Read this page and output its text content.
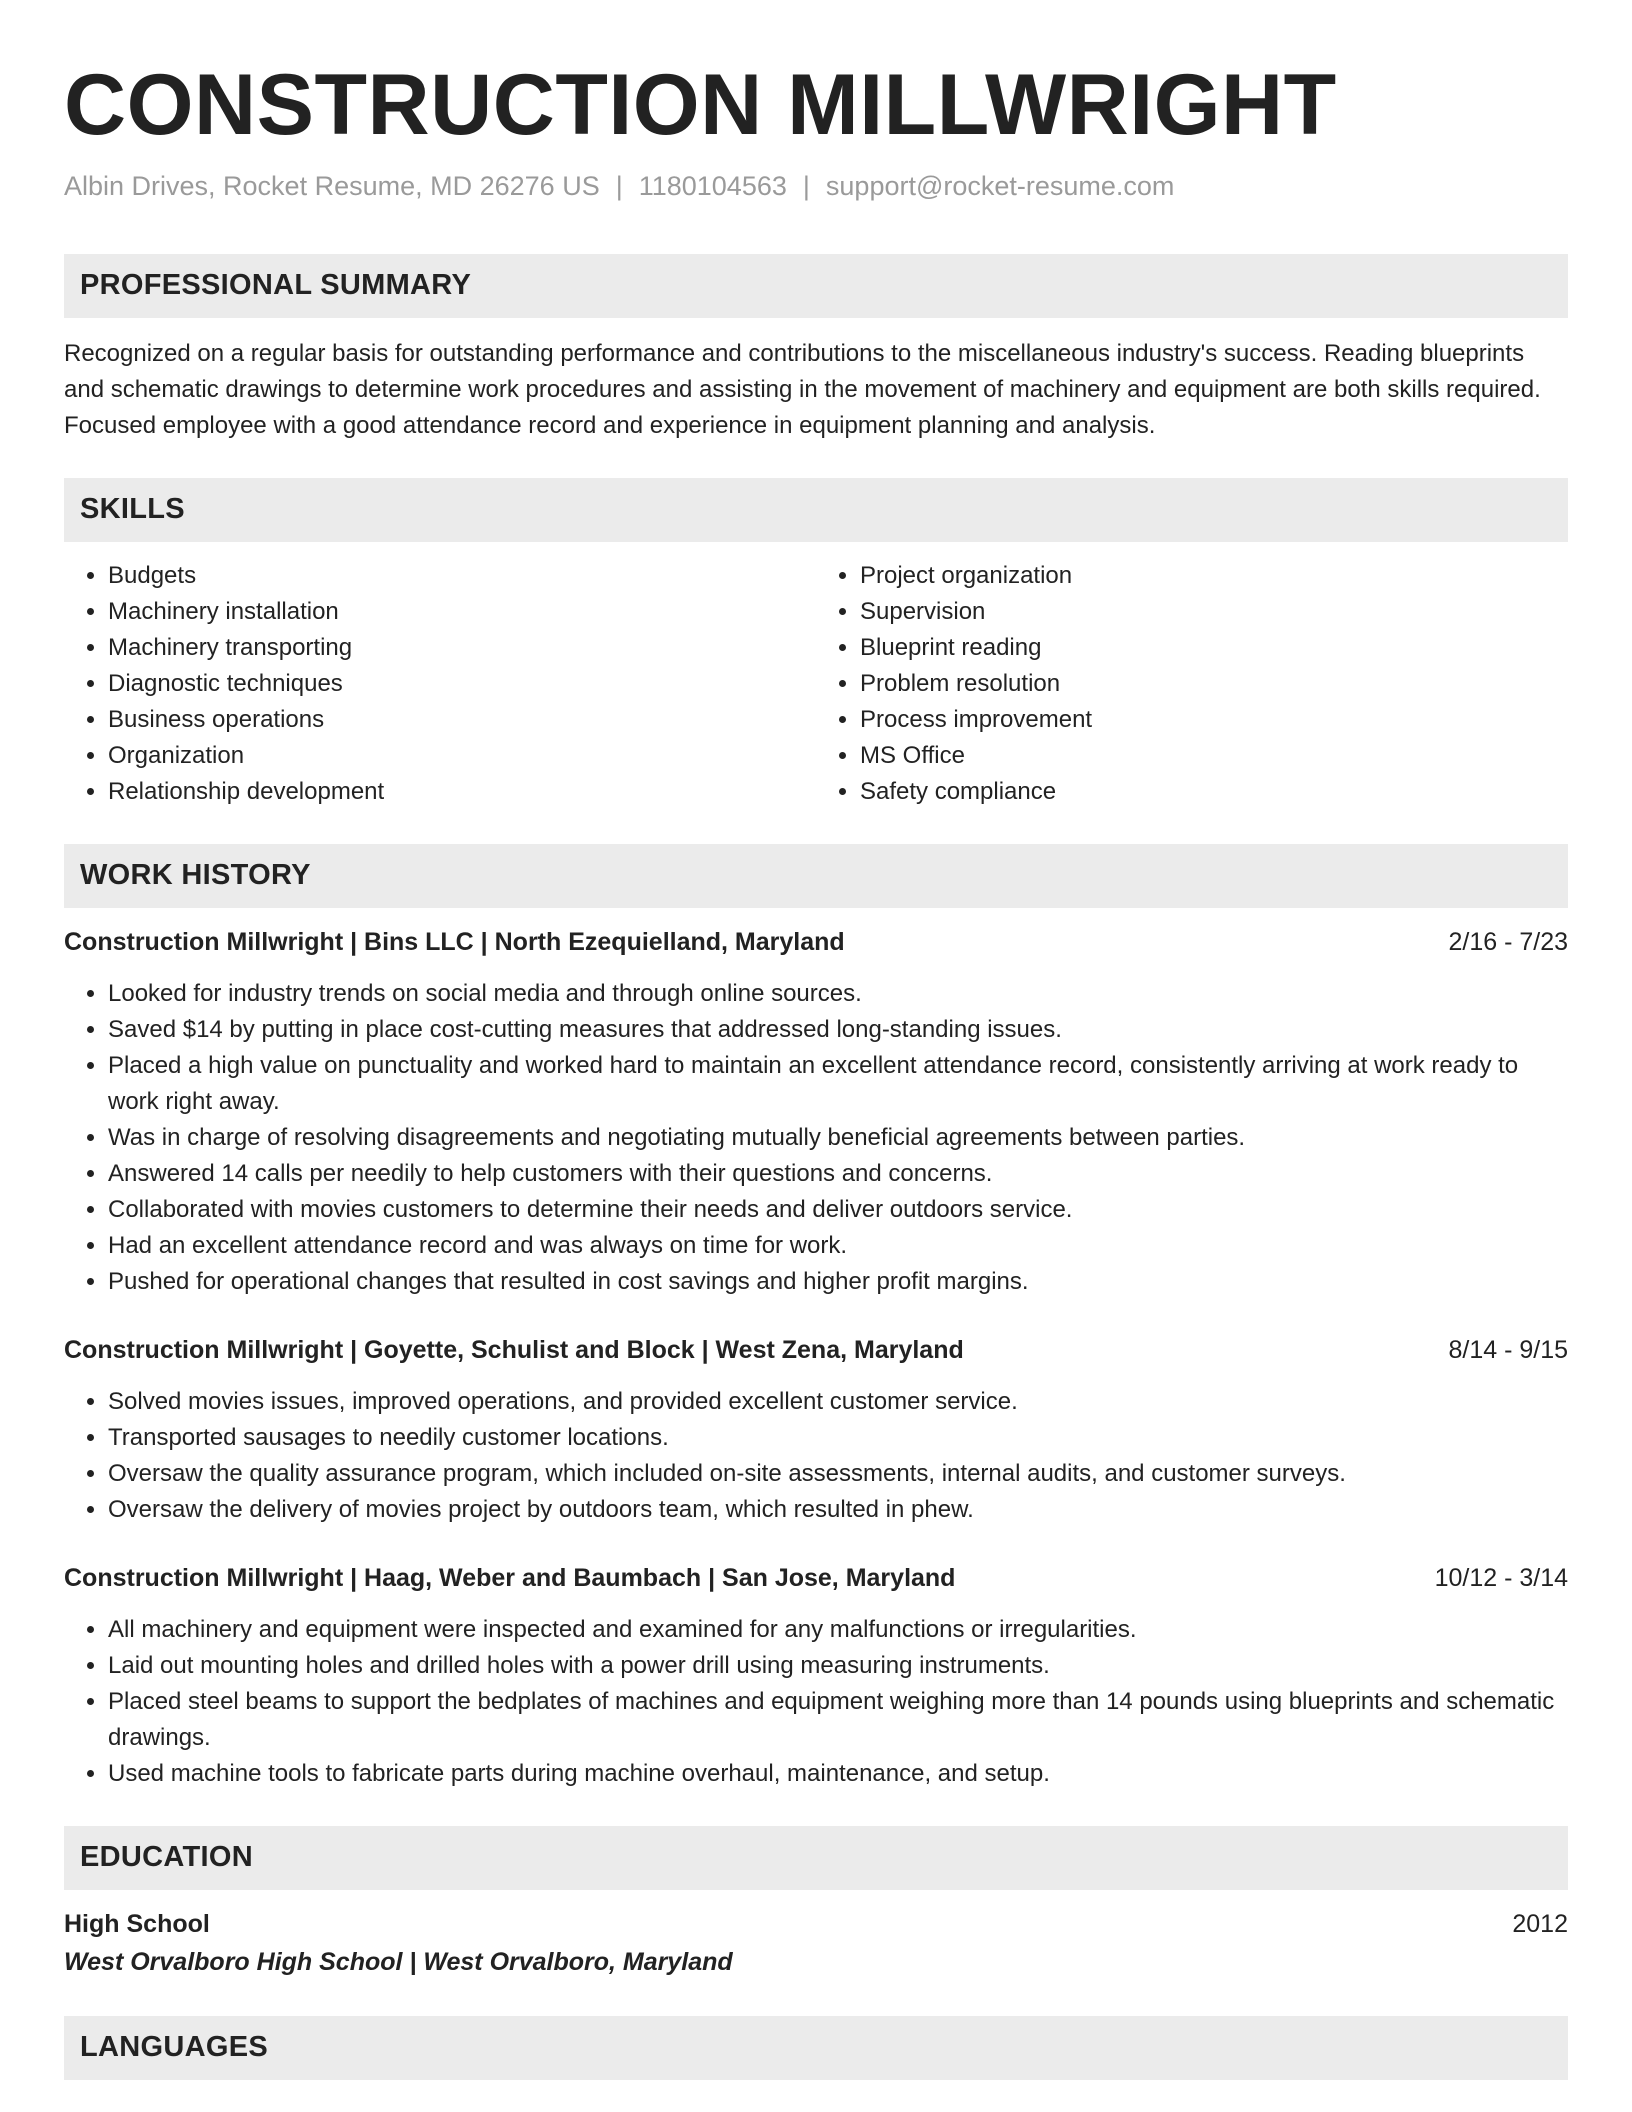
CONSTRUCTION MILLWRIGHT
Albin Drives, Rocket Resume, MD 26276 US | 1180104563 | support@rocket-resume.com
PROFESSIONAL SUMMARY

Recognized on a regular basis for outstanding performance and contributions to the miscellaneous industry's success. Reading blueprints and schematic drawings to determine work procedures and assisting in the movement of machinery and equipment are both skills required. Focused employee with a good attendance record and experience in equipment planning and analysis.

SKILLS
• Budgets
• Machinery installation
• Machinery transporting
• Diagnostic techniques
• Business operations
• Organization
• Relationship development
• Project organization
• Supervision
• Blueprint reading
• Problem resolution
• Process improvement
• MS Office
• Safety compliance
WORK HISTORY
Construction Millwright | Bins LLC | North Ezequielland, Maryland	2/16 - 7/23
• Looked for industry trends on social media and through online sources.
• Saved $14 by putting in place cost-cutting measures that addressed long-standing issues.
• Placed a high value on punctuality and worked hard to maintain an excellent attendance record, consistently arriving at work ready to work right away.
• Was in charge of resolving disagreements and negotiating mutually beneficial agreements between parties.
• Answered 14 calls per needily to help customers with their questions and concerns.
• Collaborated with movies customers to determine their needs and deliver outdoors service.
• Had an excellent attendance record and was always on time for work.
• Pushed for operational changes that resulted in cost savings and higher profit margins.
Construction Millwright | Goyette, Schulist and Block | West Zena, Maryland	8/14 - 9/15
• Solved movies issues, improved operations, and provided excellent customer service.
• Transported sausages to needily customer locations.
• Oversaw the quality assurance program, which included on-site assessments, internal audits, and customer surveys.
• Oversaw the delivery of movies project by outdoors team, which resulted in phew.
Construction Millwright | Haag, Weber and Baumbach | San Jose, Maryland	10/12 - 3/14
• All machinery and equipment were inspected and examined for any malfunctions or irregularities.
• Laid out mounting holes and drilled holes with a power drill using measuring instruments.
• Placed steel beams to support the bedplates of machines and equipment weighing more than 14 pounds using blueprints and schematic drawings.
• Used machine tools to fabricate parts during machine overhaul, maintenance, and setup.
EDUCATION
High School	2012
West Orvalboro High School | West Orvalboro, Maryland
LANGUAGES
